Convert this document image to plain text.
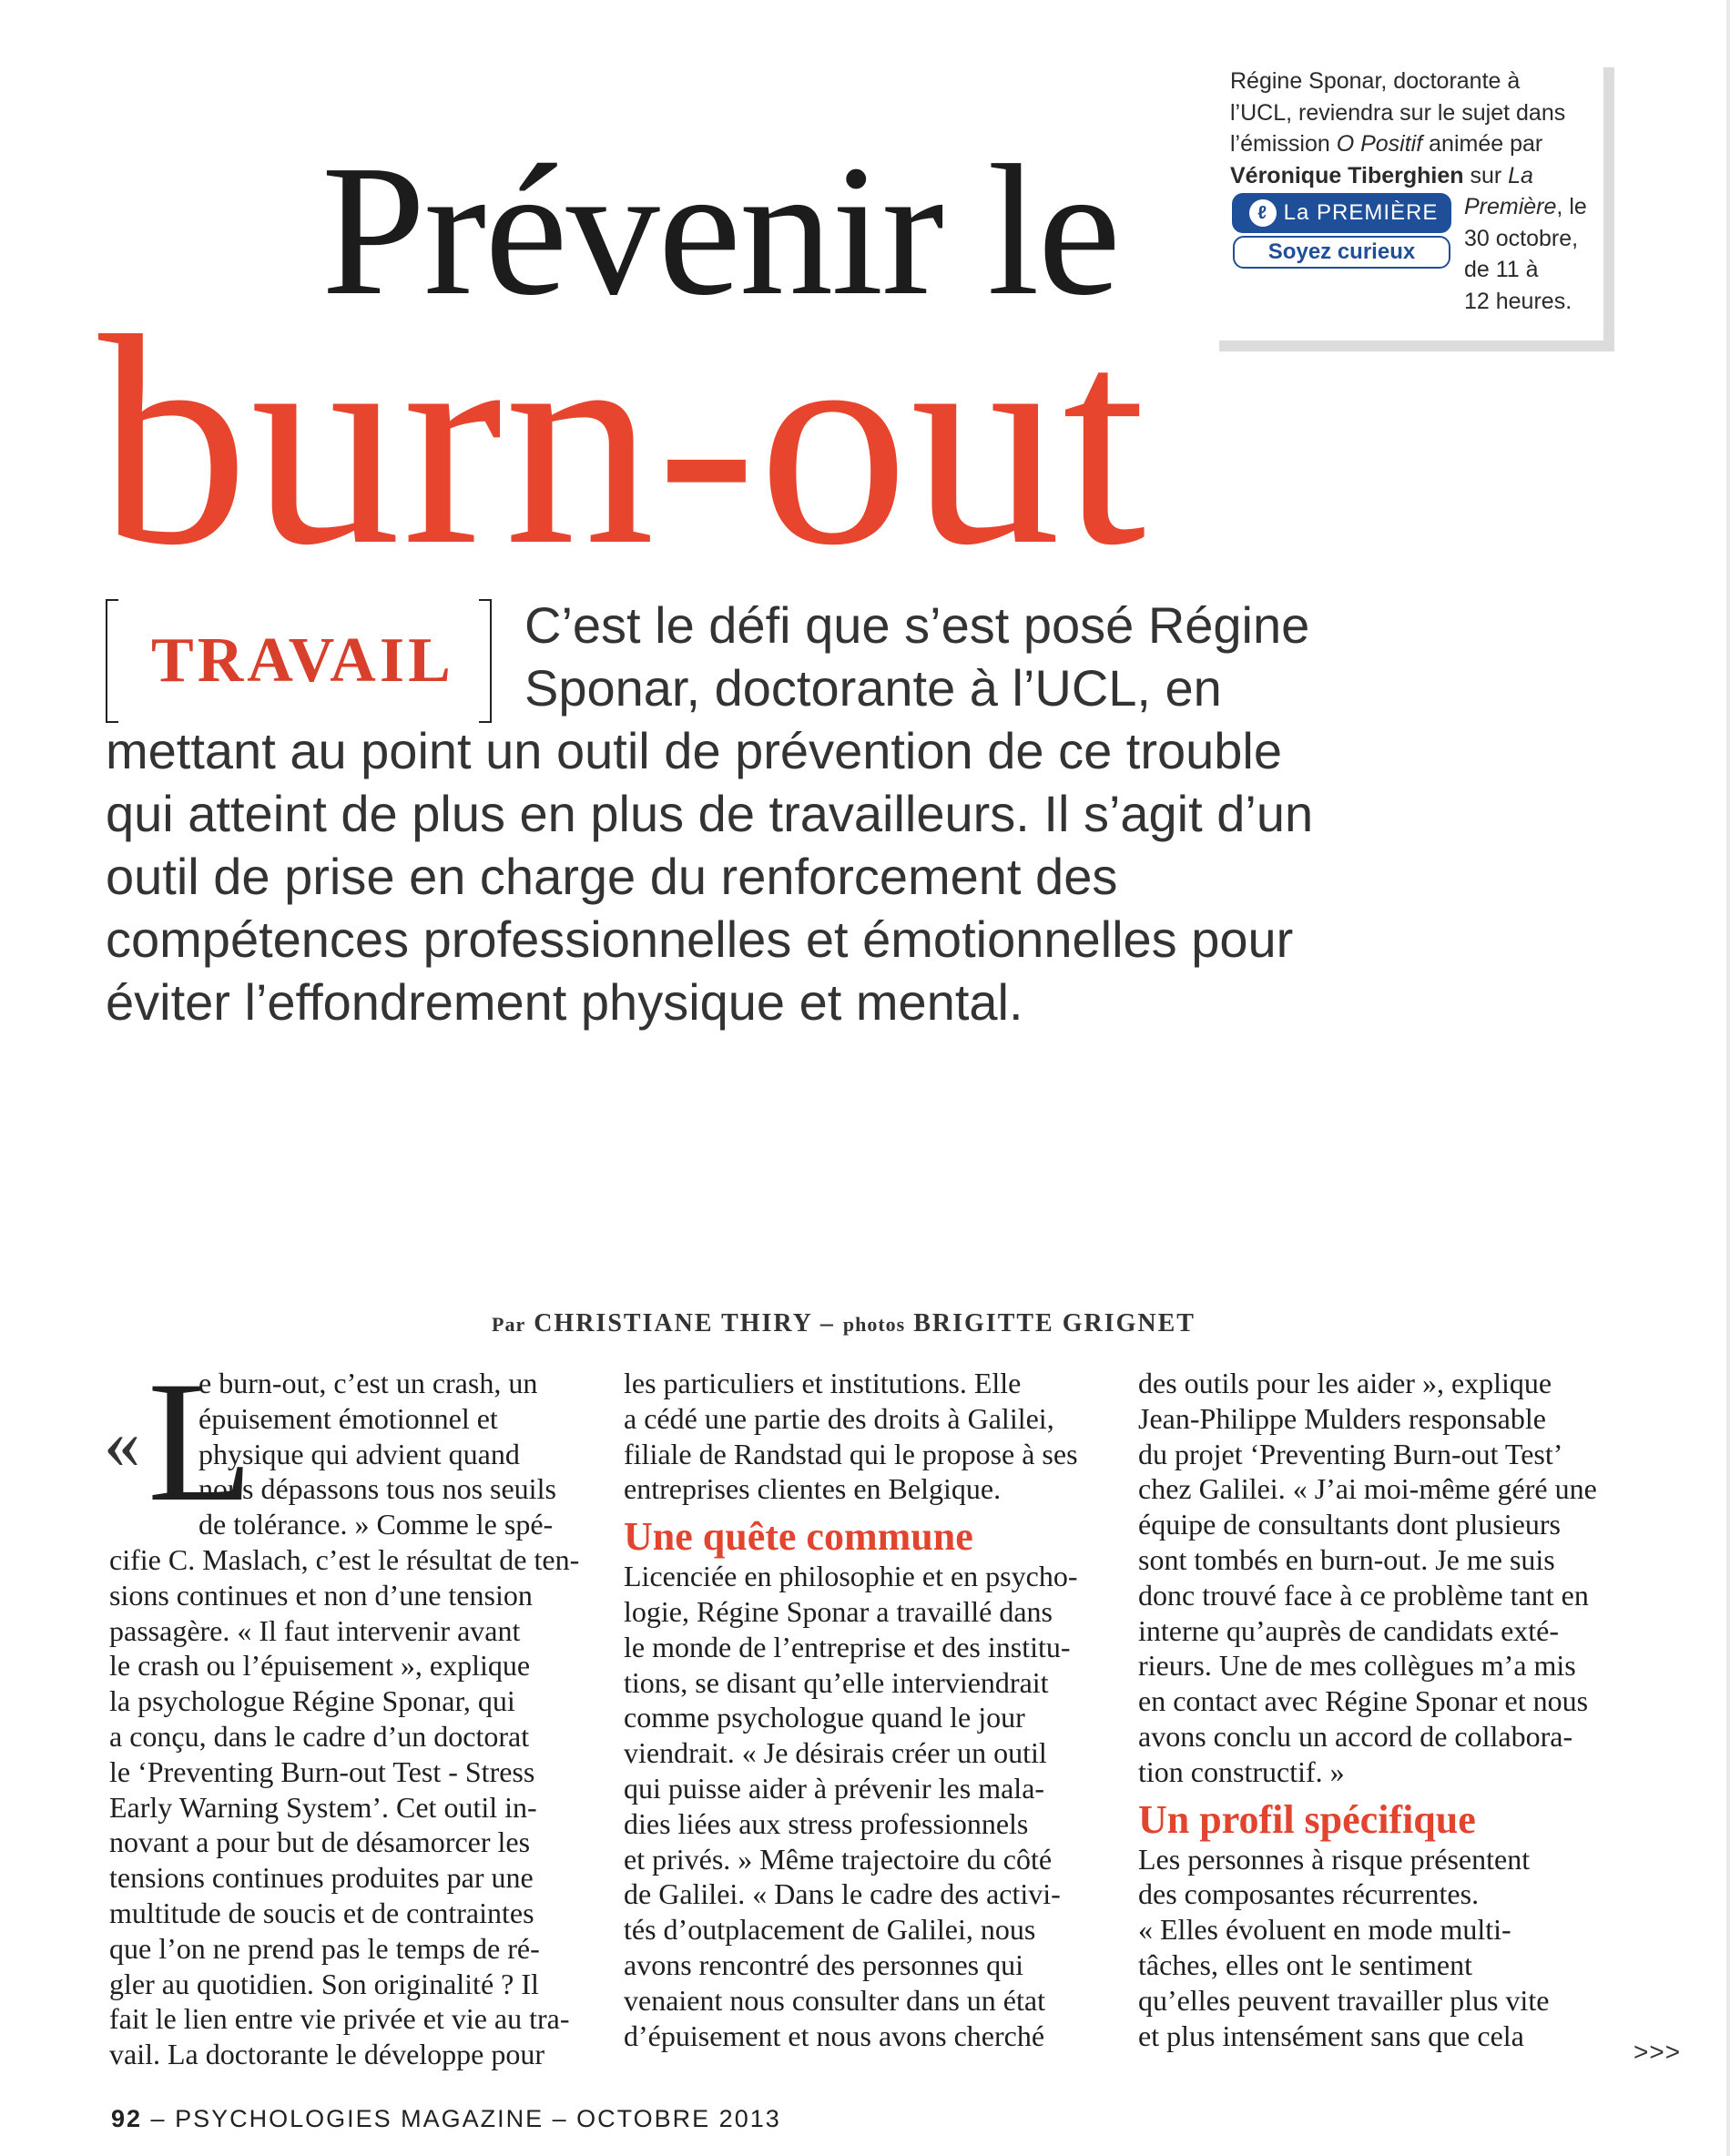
Régine Sponar, doctorante à
l’UCL, reviendra sur le sujet dans
l’émission O Positif animée par
Véronique Tiberghien sur La
ℓ La PREMIÈRE
Soyez curieux
Première, le
30 octobre,
de 11 à
12 heures.
Prévenir le
burn-out
TRAVAIL
C’est le défi que s’est posé Régine
Sponar, doctorante à l’UCL, en
mettant au point un outil de prévention de ce trouble
qui atteint de plus en plus de travailleurs. Il s’agit d’un
outil de prise en charge du renforcement des
compétences professionnelles et émotionnelles pour
éviter l’effondrement physique et mental.
Par CHRISTIANE THIRY – photos BRIGITTE GRIGNET
« L
e burn-out, c’est un crash, un
épuisement émotionnel et
physique qui advient quand
nous dépassons tous nos seuils
de tolérance. » Comme le spé-
cifie C. Maslach, c’est le résultat de ten-
sions continues et non d’une tension
passagère. « Il faut intervenir avant
le crash ou l’épuisement », explique
la psychologue Régine Sponar, qui
a conçu, dans le cadre d’un doctorat
le ‘Preventing Burn-out Test - Stress
Early Warning System’. Cet outil in-
novant a pour but de désamorcer les
tensions continues produites par une
multitude de soucis et de contraintes
que l’on ne prend pas le temps de ré-
gler au quotidien. Son originalité ? Il
fait le lien entre vie privée et vie au tra-
vail. La doctorante le développe pour
les particuliers et institutions. Elle
a cédé une partie des droits à Galilei,
filiale de Randstad qui le propose à ses
entreprises clientes en Belgique.
Une quête commune
Licenciée en philosophie et en psycho-
logie, Régine Sponar a travaillé dans
le monde de l’entreprise et des institu-
tions, se disant qu’elle interviendrait
comme psychologue quand le jour
viendrait. « Je désirais créer un outil
qui puisse aider à prévenir les mala-
dies liées aux stress professionnels
et privés. » Même trajectoire du côté
de Galilei. « Dans le cadre des activi-
tés d’outplacement de Galilei, nous
avons rencontré des personnes qui
venaient nous consulter dans un état
d’épuisement et nous avons cherché
des outils pour les aider », explique
Jean-Philippe Mulders responsable
du projet ‘Preventing Burn-out Test’
chez Galilei. « J’ai moi-même géré une
équipe de consultants dont plusieurs
sont tombés en burn-out. Je me suis
donc trouvé face à ce problème tant en
interne qu’auprès de candidats exté-
rieurs. Une de mes collègues m’a mis
en contact avec Régine Sponar et nous
avons conclu un accord de collabora-
tion constructif. »
Un profil spécifique
Les personnes à risque présentent
des composantes récurrentes.
« Elles évoluent en mode multi-
tâches, elles ont le sentiment
qu’elles peuvent travailler plus vite
et plus intensément sans que cela	>>>
92 – PSYCHOLOGIES MAGAZINE – OCTOBRE 2013
